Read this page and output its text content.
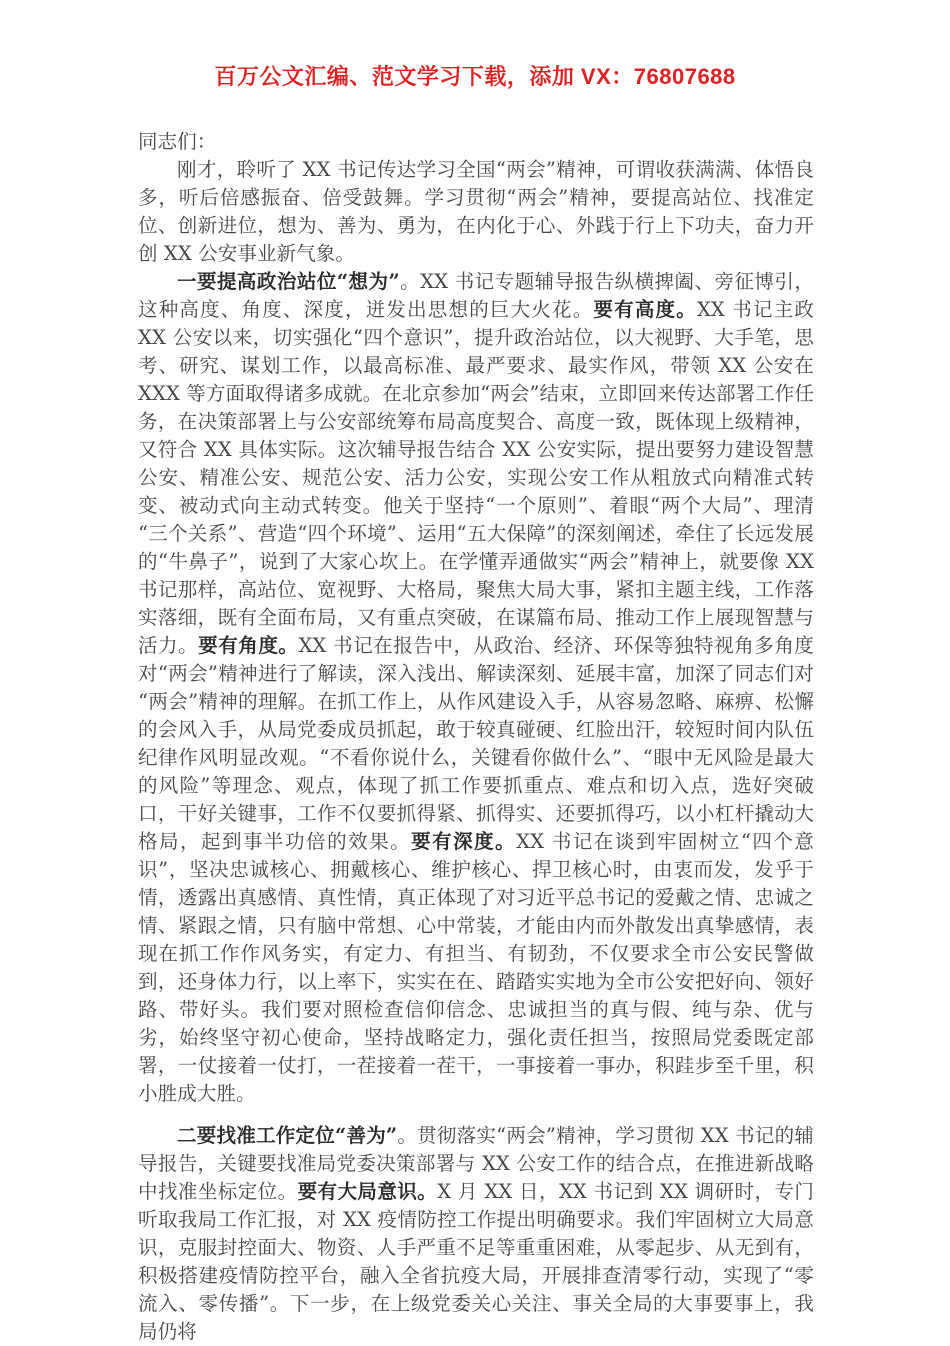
百万公文汇编、范文学习下载，添加 VX：76807688

同志们：

刚才，聆听了 XX 书记传达学习全国“两会”精神，可谓收获满满、体悟良多，听后倍感振奋、倍受鼓舞。学习贯彻“两会”精神，要提高站位、找准定位、创新进位，想为、善为、勇为，在内化于心、外践于行上下功夫，奋力开创 XX 公安事业新气象。

一要提高政治站位“想为”。XX 书记专题辅导报告纵横捭阖、旁征博引，这种高度、角度、深度，迸发出思想的巨大火花。要有高度。XX 书记主政 XX 公安以来，切实强化“四个意识”，提升政治站位，以大视野、大手笔，思考、研究、谋划工作，以最高标准、最严要求、最实作风，带领 XX 公安在 XXX 等方面取得诸多成就。在北京参加“两会”结束，立即回来传达部署工作任务，在决策部署上与公安部统筹布局高度契合、高度一致，既体现上级精神，又符合 XX 具体实际。这次辅导报告结合 XX 公安实际，提出要努力建设智慧公安、精准公安、规范公安、活力公安，实现公安工作从粗放式向精准式转变、被动式向主动式转变。他关于坚持“一个原则”、着眼“两个大局”、理清“三个关系”、营造“四个环境”、运用“五大保障”的深刻阐述，牵住了长远发展的“牛鼻子”，说到了大家心坎上。在学懂弄通做实“两会”精神上，就要像 XX 书记那样，高站位、宽视野、大格局，聚焦大局大事，紧扣主题主线，工作落实落细，既有全面布局，又有重点突破，在谋篇布局、推动工作上展现智慧与活力。要有角度。XX 书记在报告中，从政治、经济、环保等独特视角多角度对“两会”精神进行了解读，深入浅出、解读深刻、延展丰富，加深了同志们对“两会”精神的理解。在抓工作上，从作风建设入手，从容易忽略、麻痹、松懈的会风入手，从局党委成员抓起，敢于较真碰硬、红脸出汗，较短时间内队伍纪律作风明显改观。“不看你说什么，关键看你做什么”、“眼中无风险是最大的风险”等理念、观点，体现了抓工作要抓重点、难点和切入点，选好突破口，干好关键事，工作不仅要抓得紧、抓得实、还要抓得巧，以小杠杆撬动大格局，起到事半功倍的效果。要有深度。XX 书记在谈到牢固树立“四个意识”，坚决忠诚核心、拥戴核心、维护核心、捍卫核心时，由衷而发，发乎于情，透露出真感情、真性情，真正体现了对习近平总书记的爱戴之情、忠诚之情、紧跟之情，只有脑中常想、心中常装，才能由内而外散发出真挚感情，表现在抓工作作风务实，有定力、有担当、有韧劲，不仅要求全市公安民警做到，还身体力行，以上率下，实实在在、踏踏实实地为全市公安把好向、领好路、带好头。我们要对照检查信仰信念、忠诚担当的真与假、纯与杂、优与劣，始终坚守初心使命，坚持战略定力，强化责任担当，按照局党委既定部署，一仗接着一仗打，一茬接着一茬干，一事接着一事办，积跬步至千里，积小胜成大胜。

二要找准工作定位“善为”。贯彻落实“两会”精神，学习贯彻 XX 书记的辅导报告，关键要找准局党委决策部署与 XX 公安工作的结合点，在推进新战略中找准坐标定位。要有大局意识。X 月 XX 日，XX 书记到 XX 调研时，专门听取我局工作汇报，对 XX 疫情防控工作提出明确要求。我们牢固树立大局意识，克服封控面大、物资、人手严重不足等重重困难，从零起步、从无到有，积极搭建疫情防控平台，融入全省抗疫大局，开展排查清零行动，实现了“零流入、零传播”。下一步，在上级党委关心关注、事关全局的大事要事上，我局仍将
